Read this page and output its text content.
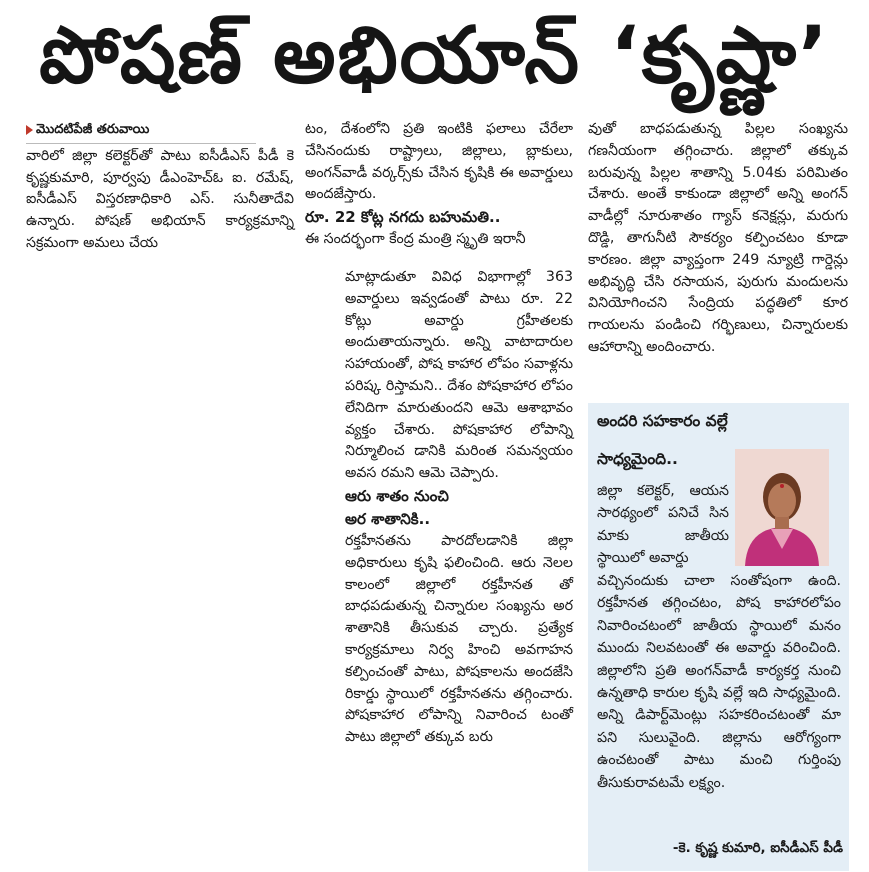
పోషణ్ అభియాన్ ‘కృష్ణా’
మొదటిపేజీ తరువాయి

వారిలో జిల్లా కలెక్టర్‌తో పాటు ఐసీడీఎస్ పీడీ కె కృష్ణకుమారి, పూర్వపు డీఎంహెచ్ఓ ఐ. రమేష్, ఐసీడీఎస్ విస్తరణాధికారి ఎస్. సునీతాదేవి ఉన్నారు. పోషణ్ అభియాన్ కార్యక్రమాన్ని సక్రమంగా అమలు చేయ

టం, దేశంలోని ప్రతి ఇంటికి ఫలాలు చేరేలా చేసినందుకు రాష్ట్రాలు, జిల్లాలు, బ్లాకులు, అంగన్‌వాడీ వర్కర్స్‌కు చేసిన కృషికి ఈ అవార్డులు అందజేస్తారు.

రూ. 22 కోట్ల నగదు బహుమతి..

ఈ సందర్భంగా కేంద్ర మంత్రి స్మృతి ఇరానీ

మాట్లాడుతూ వివిధ విభాగాల్లో 363 అవార్డులు ఇవ్వడంతో పాటు రూ. 22 కోట్లు అవార్డు గ్రహీతలకు అందుతాయన్నారు. అన్ని వాటాదారుల సహాయంతో, పోష కాహార లోపం సవాళ్లను పరిష్క రిస్తామని.. దేశం పోషకాహార లోపం లేనిదిగా మారుతుందని ఆమె ఆశాభావం వ్యక్తం చేశారు. పోషకాహార లోపాన్ని నిర్మూలించ డానికి మరింత సమన్వయం అవస రమని ఆమె చెప్పారు.

ఆరు శాతం నుంచి

అర శాతానికి..

రక్తహీనతను పారదోలడానికి జిల్లా అధికారులు కృషి ఫలించింది. ఆరు నెలల కాలంలో జిల్లాలో రక్తహీనత తో బాధపడుతున్న చిన్నారుల సంఖ్యను అర శాతానికి తీసుకువ చ్చారు. ప్రత్యేక కార్యక్రమాలు నిర్వ హించి అవగాహన కల్పించంతో పాటు, పోషకాలను అందజేసి రికార్డు స్థాయిలో రక్తహీనతను తగ్గించారు. పోషకాహార లోపాన్ని నివారించ టంతో పాటు జిల్లాలో తక్కువ బరు

వుతో బాధపడుతున్న పిల్లల సంఖ్యను గణనీయంగా తగ్గించారు. జిల్లాలో తక్కువ బరువున్న పిల్లల శాతాన్ని 5.04కు పరిమితం చేశారు. అంతే కాకుండా జిల్లాలో అన్ని అంగన్ వాడీల్లో నూరుశాతం గ్యాస్ కనెక్షన్లు, మరుగు దొడ్డి, తాగునీటి సౌకర్యం కల్పించటం కూడా కారణం. జిల్లా వ్యాప్తంగా 249 న్యూట్రి గార్డెన్లు అభివృద్ధి చేసి రసాయన, పురుగు మందులను వినియోగించని సేంద్రియ పద్ధతిలో కూర గాయలను పండించి గర్భిణులు, చిన్నారులకు ఆహారాన్ని అందించారు.

అందరి సహకారం వల్లే
సాధ్యమైంది..
జిల్లా కలెక్టర్, ఆయన సారథ్యంలో పనిచే సిన మాకు జాతీయ స్థాయిలో అవార్డు
వచ్చినందుకు చాలా సంతోషంగా ఉంది. రక్తహీనత తగ్గించటం, పోష కాహారలోపం నివారించటంలో జాతీయ స్థాయిలో మనం ముందు నిలవటంతో ఈ అవార్డు వరించింది. జిల్లాలోని ప్రతి అంగన్‌వాడీ కార్యకర్త నుంచి ఉన్నతాధి కారుల కృషి వల్లే ఇది సాధ్యమైంది. అన్ని డిపార్ట్‌మెంట్లు సహకరించటంతో మా పని సులువైంది. జిల్లాను ఆరోగ్యంగా ఉంచటంతో పాటు మంచి గుర్తింపు తీసుకురావటమే లక్ష్యం.
-కె. కృష్ణ కుమారి, ఐసీడీఎస్ పీడీ
